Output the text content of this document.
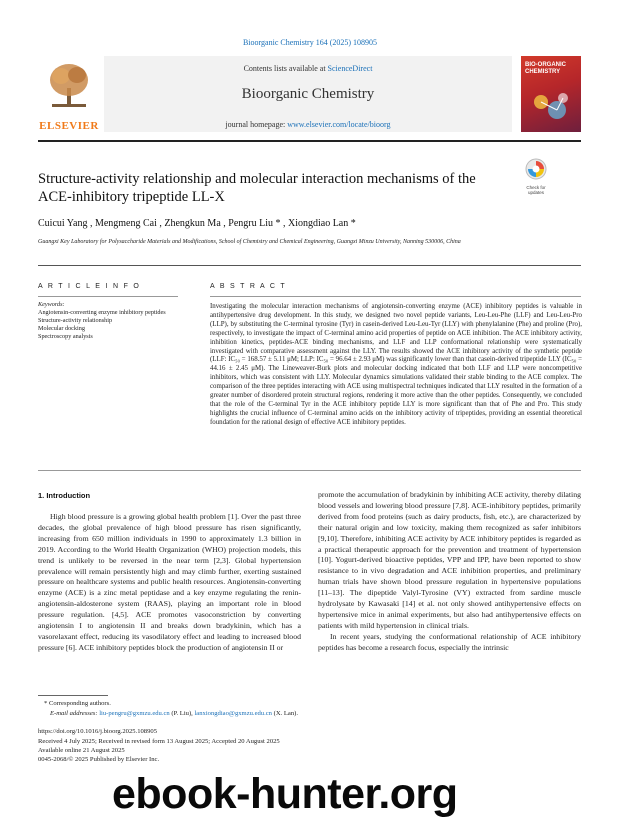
Bioorganic Chemistry 164 (2025) 108905
ELSEVIER
Contents lists available at ScienceDirect
Bioorganic Chemistry
journal homepage: www.elsevier.com/locate/bioorg
BIO-ORGANIC CHEMISTRY
Structure-activity relationship and molecular interaction mechanisms of the ACE-inhibitory tripeptide LL-X
Check for updates
Cuicui Yang , Mengmeng Cai , Zhengkun Ma , Pengru Liu * , Xiongdiao Lan *
Guangxi Key Laboratory for Polysaccharide Materials and Modifications, School of Chemistry and Chemical Engineering, Guangxi Minzu University, Nanning 530006, China
A R T I C L E I N F O	A B S T R A C T
Keywords:
Angiotensin-converting enzyme inhibitory peptides
Structure-activity relationship
Molecular docking
Spectroscopy analysis
Investigating the molecular interaction mechanisms of angiotensin-converting enzyme (ACE) inhibitory peptides is valuable in antihypertensive drug development. In this study, we designed two novel peptide variants, Leu-Leu-Phe (LLF) and Leu-Leu-Pro (LLP), by substituting the C-terminal tyrosine (Tyr) in casein-derived Leu-Leu-Tyr (LLY) with phenylalanine (Phe) and proline (Pro), respectively, to investigate the impact of C-terminal amino acid properties of peptide on ACE inhibition. The ACE inhibitory activity, inhibition kinetics, peptides-ACE binding mechanisms, and LLF and LLP conformational relationship were systematically investigated with comparative assessment against the LLY. The results showed the ACE inhibitory activity of the synthetic peptide (LLF: IC₅₀ = 168.57 ± 5.11 μM; LLP: IC₅₀ = 96.64 ± 2.93 μM) was significantly lower than that casein-derived tripeptide LLY (IC₅₀ = 44.16 ± 2.45 μM). The Lineweaver-Burk plots and molecular docking indicated that both LLF and LLP were noncompetitive inhibitors, which was consistent with LLY. Molecular dynamics simulations validated their stable binding to the ACE complex. The comparison of the three peptides interacting with ACE using multispectral techniques indicated that LLY resulted in the formation of a greater number of disordered protein structural regions, rendering it more active than the other peptides. Consequently, we concluded that the role of the C-terminal Tyr in the ACE inhibitory peptide LLY is more significant than that of Phe and Pro. This study highlights the crucial influence of C-terminal amino acids on the inhibitory activity of tripeptides, providing an essential theoretical foundation for the rational design of effective ACE inhibitory peptides.
1. Introduction

High blood pressure is a growing global health problem [1]. Over the past three decades, the global prevalence of high blood pressure has risen significantly, increasing from 650 million individuals in 1990 to approximately 1.3 billion in 2019. According to the World Health Organization (WHO) projection models, this trend is unlikely to be reversed in the near term [2,3]. Global hypertension prevalence will remain persistently high and may climb further, exerting sustained pressure on healthcare systems and public health resources. Angiotensin-converting enzyme (ACE) is a zinc metal peptidase and a key enzyme regulating the renin-angiotensin-aldosterone system (RAAS), playing an important role in blood pressure regulation. [4,5]. ACE promotes vasoconstriction by converting angiotensin I to angiotensin II and breaks down bradykinin, which has a vasorelaxant effect, reducing its vasodilatory effect and leading to increased blood pressure [6]. ACE inhibitory peptides block the production of angiotensin II or

promote the accumulation of bradykinin by inhibiting ACE activity, thereby dilating blood vessels and lowering blood pressure [7,8]. ACE-inhibitory peptides, primarily derived from food proteins (such as dairy products, fish, etc.), are characterized by their natural origin and low toxicity, making them recognized as safer inhibitors [9,10]. Therefore, inhibiting ACE activity by ACE inhibitory peptides is regarded as a practical therapeutic approach for the prevention and treatment of hypertension [10]. Yogurt-derived bioactive peptides, VPP and IPP, have been reported to show resistance to in vivo degradation and ACE inhibition properties, and preliminary human trials have shown blood pressure regulation in hypertensive populations [11–13]. The dipeptide Valyl-Tyrosine (VY) extracted from sardine muscle hydrolysate by Kawasaki [14] et al. not only showed antihypertensive effects on hypertensive mice in animal experiments, but also had antihypertensive effects on patients with mild hypertension in clinical trials.

In recent years, studying the conformational relationship of ACE inhibitory peptides has become a research focus, especially the intrinsic

* Corresponding authors.
E-mail addresses: liu-pengru@gxmzu.edu.cn (P. Liu), lanxiongdiao@gxmzu.edu.cn (X. Lan).
https://doi.org/10.1016/j.bioorg.2025.108905
Received 4 July 2025; Received in revised form 13 August 2025; Accepted 20 August 2025
Available online 21 August 2025
0045-2068/© 2025 Published by Elsevier Inc.
ebook-hunter.org
